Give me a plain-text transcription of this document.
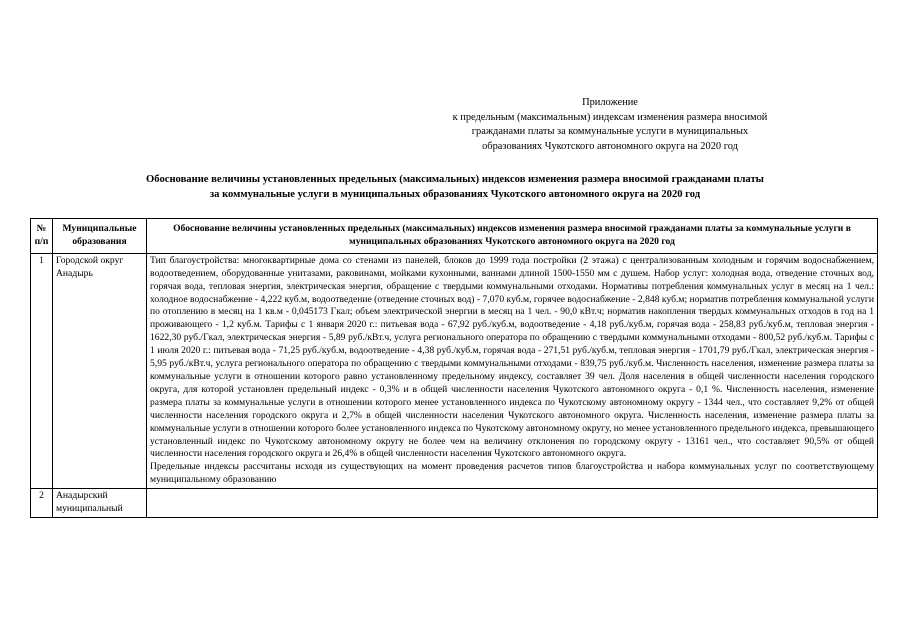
Приложение
к предельным (максимальным) индексам изменения размера вносимой
гражданами платы за коммунальные услуги в муниципальных
образованиях Чукотского автономного округа на 2020 год
Обоснование величины установленных предельных (максимальных) индексов изменения размера вносимой гражданами платы
за коммунальные услуги в муниципальных образованиях Чукотского автономного округа на 2020 год
№ п/п	Муниципальные образования	Обоснование величины установленных предельных (максимальных) индексов изменения размера вносимой гражданами платы за коммунальные услуги в муниципальных образованиях Чукотского автономного округа на 2020 год
1	Городской округ Анадырь	Тип благоустройства: многоквартирные дома со стенами из панелей, блоков до 1999 года постройки (2 этажа) с централизованным холодным и горячим водоснабжением, водоотведением, оборудованные унитазами, раковинами, мойками кухонными, ваннами длиной 1500-1550 мм с душем. Набор услуг: холодная вода, отведение сточных вод, горячая вода, тепловая энергия, электрическая энергия, обращение с твердыми коммунальными отходами. Нормативы потребления коммунальных услуг в месяц на 1 чел.: холодное водоснабжение - 4,222 куб.м, водоотведение (отведение сточных вод) - 7,070 куб.м, горячее водоснабжение - 2,848 куб.м; норматив потребления коммунальной услуги по отоплению в месяц на 1 кв.м - 0,045173 Гкал; объем электрической энергии в месяц на 1 чел. - 90,0 кВт.ч; норматив накопления твердых коммунальных отходов в год на 1 проживающего - 1,2 куб.м. Тарифы с 1 января 2020 г.: питьевая вода - 67,92 руб./куб.м, водоотведение - 4,18 руб./куб.м, горячая вода - 258,83 руб./куб.м, тепловая энергия - 1622,30 руб./Гкал, электрическая энергия - 5,89 руб./кВт.ч, услуга регионального оператора по обращению с твердыми коммунальными отходами - 800,52 руб./куб.м. Тарифы с 1 июля 2020 г.: питьевая вода - 71,25 руб./куб.м, водоотведение - 4,38 руб./куб.м, горячая вода - 271,51 руб./куб.м, тепловая энергия - 1701,79 руб./Гкал, электрическая энергия - 5,95 руб./кВт.ч, услуга регионального оператора по обращению с твердыми коммунальными отходами - 839,75 руб./куб.м. Численность населения, изменение размера платы за коммунальные услуги в отношении которого равно установленному предельному индексу, составляет 39 чел. Доля населения в общей численности населения городского округа, для которой установлен предельный индекс - 0,3% и в общей численности населения Чукотского автономного округа - 0,1 %. Численность населения, изменение размера платы за коммунальные услуги в отношении которого менее установленного индекса по Чукотскому автономному округу - 1344 чел., что составляет 9,2% от общей численности населения городского округа и 2,7% в общей численности населения Чукотского автономного округа. Численность населения, изменение размера платы за коммунальные услуги в отношении которого более установленного индекса по Чукотскому автономному округу, но менее установленного предельного индекса, превышающего установленный индекс по Чукотскому автономному округу не более чем на величину отклонения по городскому округу - 13161 чел., что составляет 90,5% от общей численности населения городского округа и 26,4% в общей численности населения Чукотского автономного округа.

Предельные индексы рассчитаны исходя из существующих на момент проведения расчетов типов благоустройства и набора коммунальных услуг по соответствующему муниципальному образованию

2	Анадырский муниципальный	
